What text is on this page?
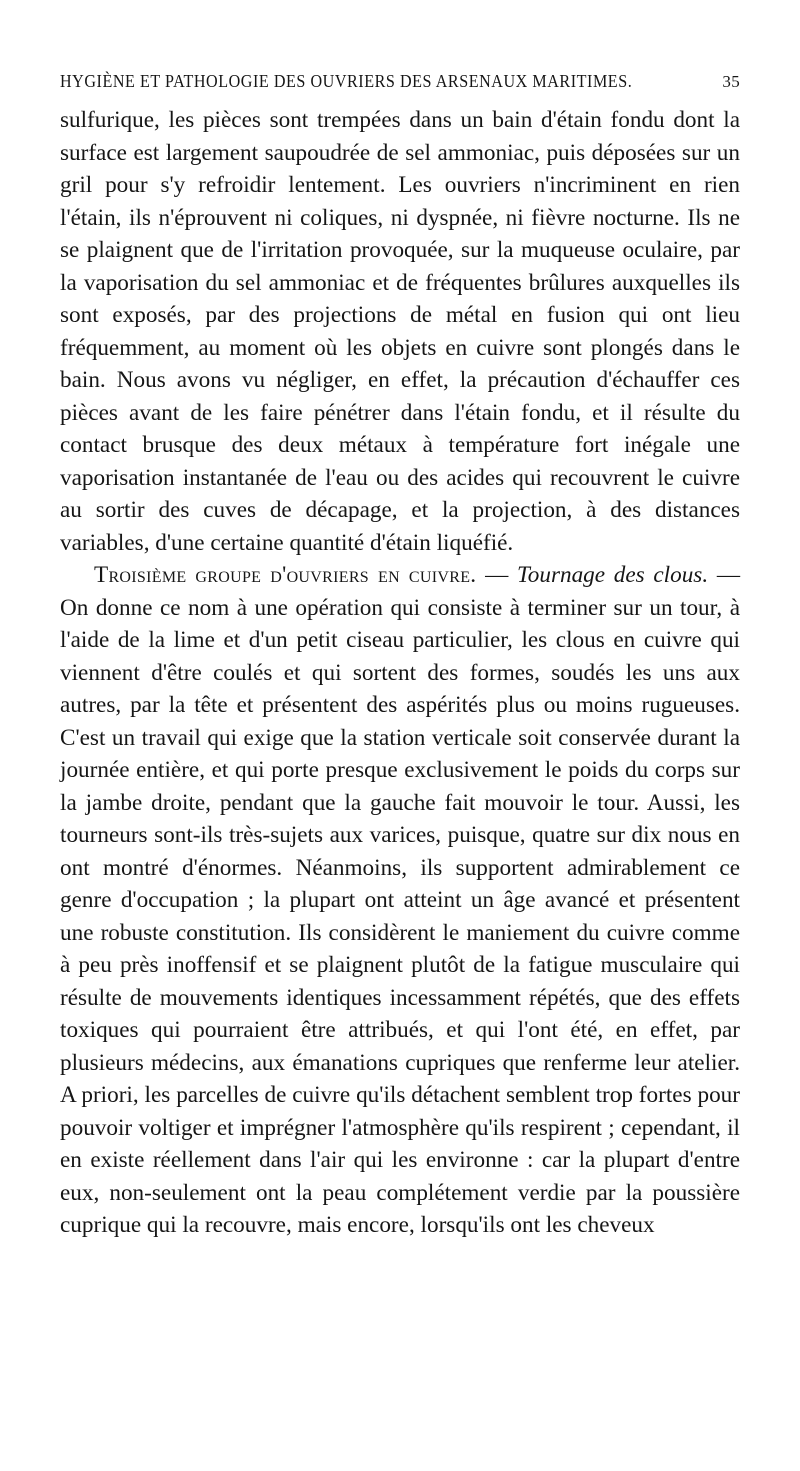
HYGIÈNE ET PATHOLOGIE DES OUVRIERS DES ARSENAUX MARITIMES.	35

sulfurique, les pièces sont trempées dans un bain d'étain fondu dont la surface est largement saupoudrée de sel ammoniac, puis déposées sur un gril pour s'y refroidir lentement. Les ouvriers n'incriminent en rien l'étain, ils n'éprouvent ni coliques, ni dyspnée, ni fièvre nocturne. Ils ne se plaignent que de l'irritation provoquée, sur la muqueuse oculaire, par la vaporisation du sel ammoniac et de fréquentes brûlures auxquelles ils sont exposés, par des projections de métal en fusion qui ont lieu fréquemment, au moment où les objets en cuivre sont plongés dans le bain. Nous avons vu négliger, en effet, la précaution d'échauffer ces pièces avant de les faire pénétrer dans l'étain fondu, et il résulte du contact brusque des deux métaux à température fort inégale une vaporisation instantanée de l'eau ou des acides qui recouvrent le cuivre au sortir des cuves de décapage, et la projection, à des distances variables, d'une certaine quantité d'étain liquéfié.

Troisième groupe d'ouvriers en cuivre. — Tournage des clous. — On donne ce nom à une opération qui consiste à terminer sur un tour, à l'aide de la lime et d'un petit ciseau particulier, les clous en cuivre qui viennent d'être coulés et qui sortent des formes, soudés les uns aux autres, par la tête et présentent des aspérités plus ou moins rugueuses. C'est un travail qui exige que la station verticale soit conservée durant la journée entière, et qui porte presque exclusivement le poids du corps sur la jambe droite, pendant que la gauche fait mouvoir le tour. Aussi, les tourneurs sont-ils très-sujets aux varices, puisque, quatre sur dix nous en ont montré d'énormes. Néanmoins, ils supportent admirablement ce genre d'occupation ; la plupart ont atteint un âge avancé et présentent une robuste constitution. Ils considèrent le maniement du cuivre comme à peu près inoffensif et se plaignent plutôt de la fatigue musculaire qui résulte de mouvements identiques incessamment répétés, que des effets toxiques qui pourraient être attribués, et qui l'ont été, en effet, par plusieurs médecins, aux émanations cupriques que renferme leur atelier. A priori, les parcelles de cuivre qu'ils détachent semblent trop fortes pour pouvoir voltiger et imprégner l'atmosphère qu'ils respirent ; cependant, il en existe réellement dans l'air qui les environne : car la plupart d'entre eux, non-seulement ont la peau complétement verdie par la poussière cuprique qui la recouvre, mais encore, lorsqu'ils ont les cheveux
